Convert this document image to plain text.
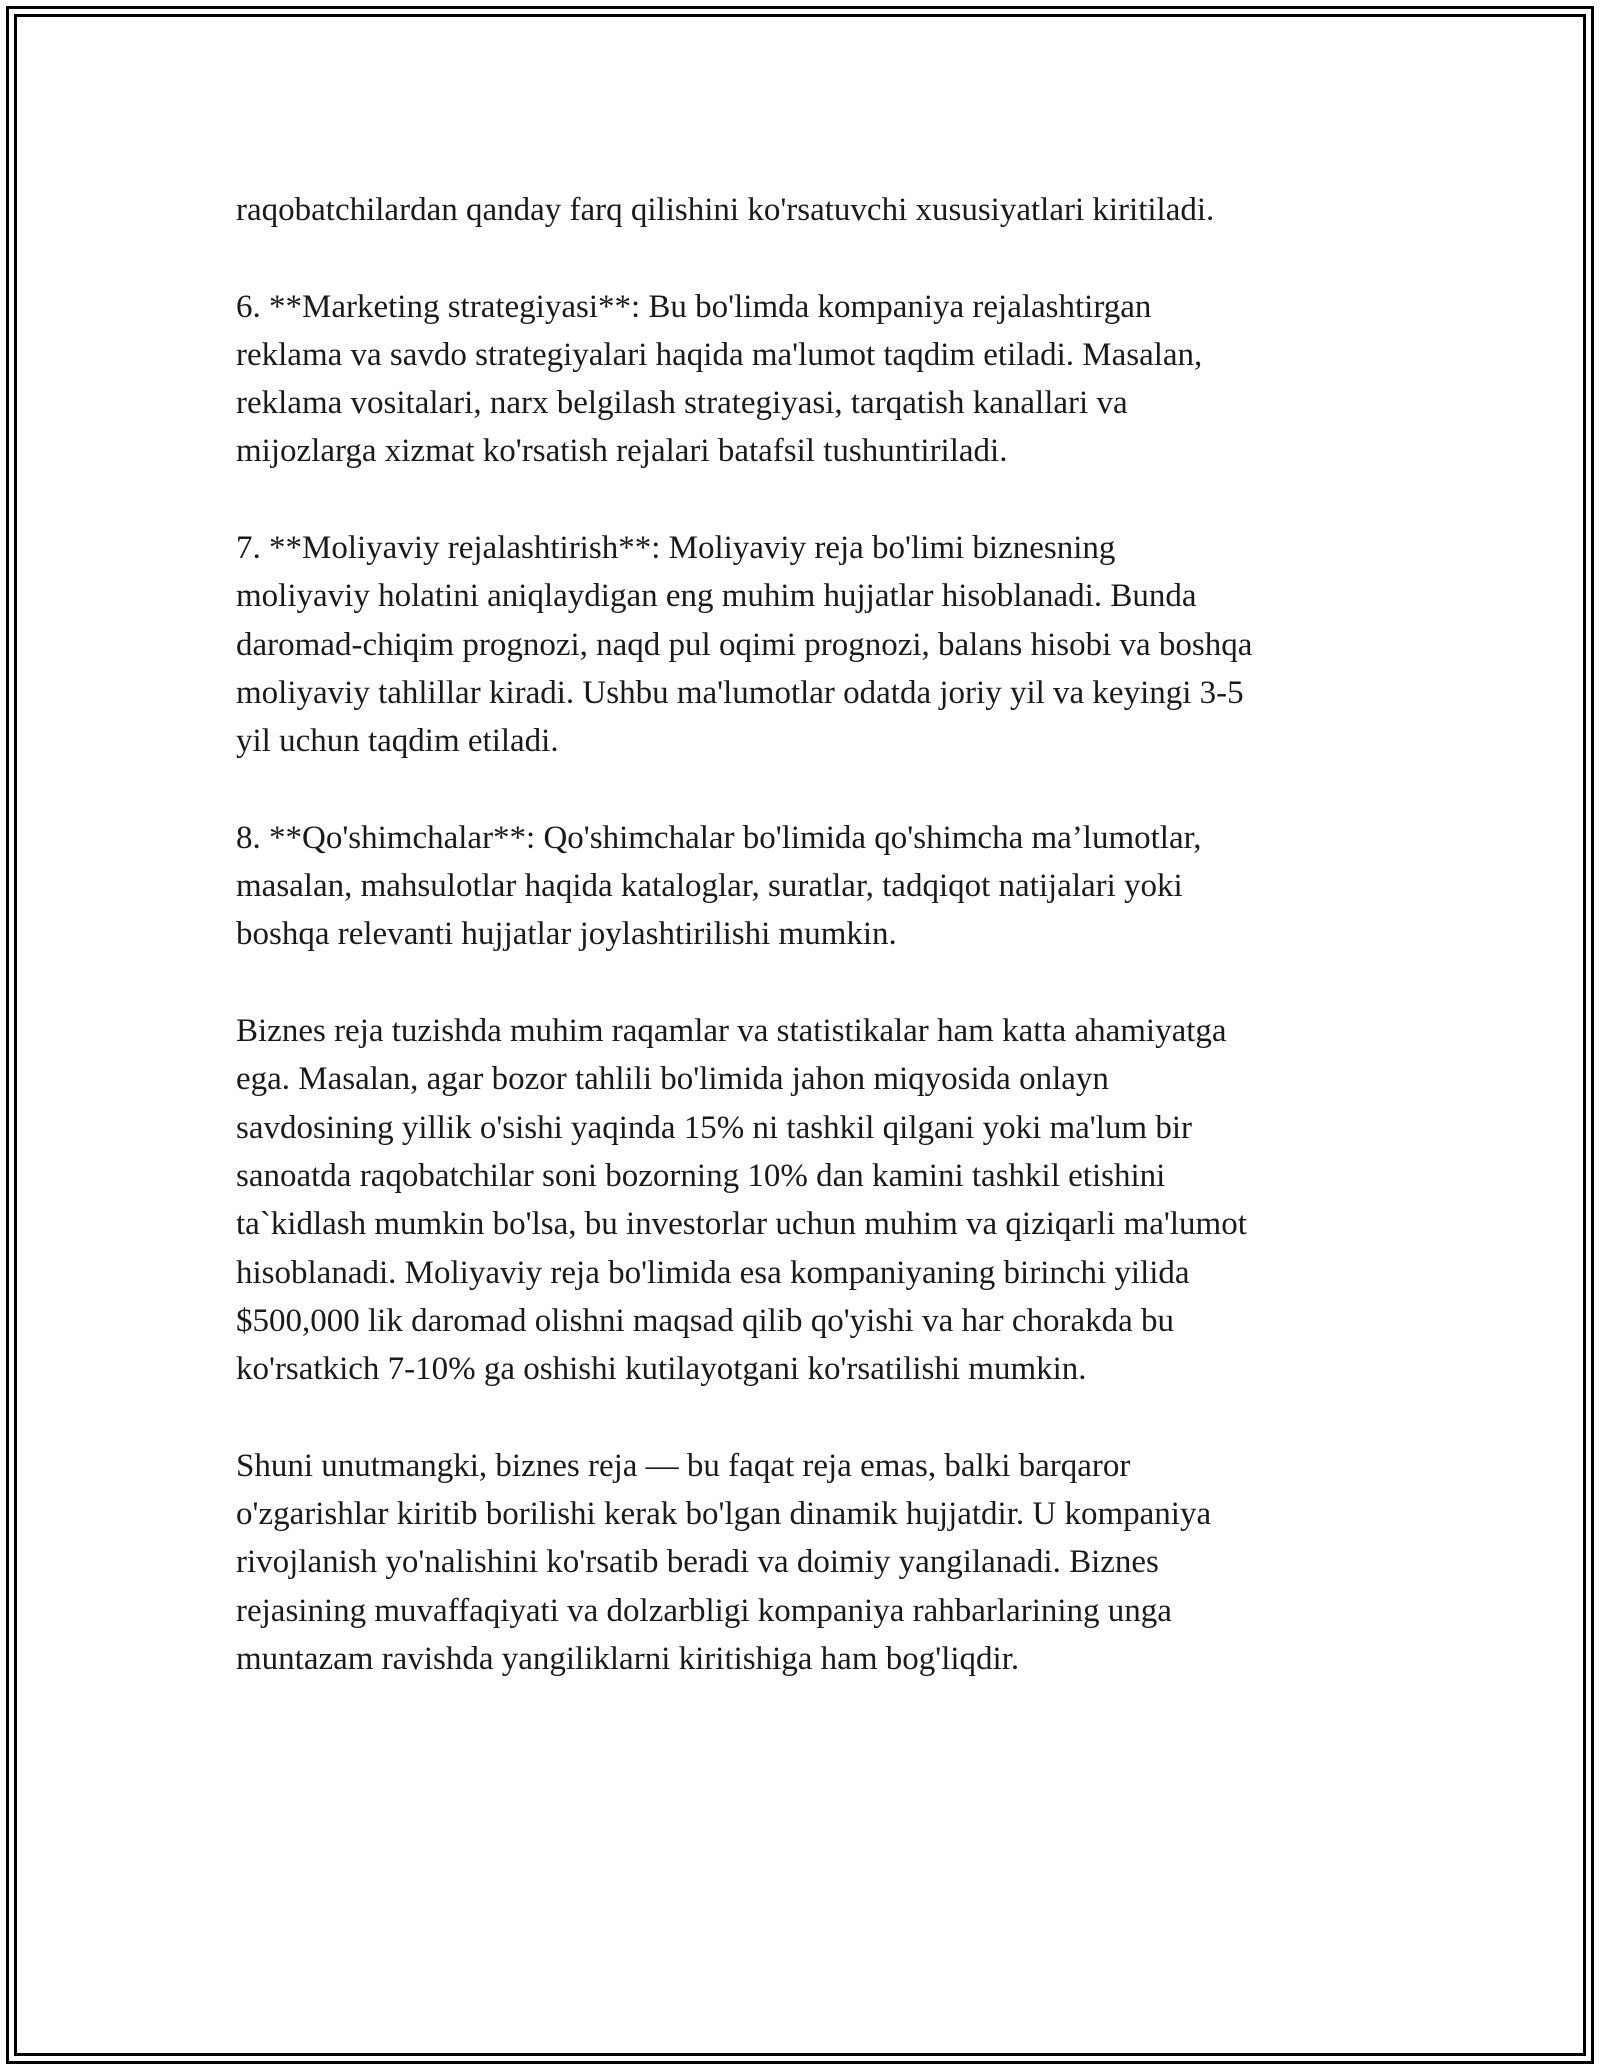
raqobatchilardan qanday farq qilishini ko'rsatuvchi xususiyatlari kiritiladi.

6. **Marketing strategiyasi**: Bu bo'limda kompaniya rejalashtirgan
reklama va savdo strategiyalari haqida ma'lumot taqdim etiladi. Masalan,
reklama vositalari, narx belgilash strategiyasi, tarqatish kanallari va
mijozlarga xizmat ko'rsatish rejalari batafsil tushuntiriladi.

7. **Moliyaviy rejalashtirish**: Moliyaviy reja bo'limi biznesning
moliyaviy holatini aniqlaydigan eng muhim hujjatlar hisoblanadi. Bunda
daromad-chiqim prognozi, naqd pul oqimi prognozi, balans hisobi va boshqa
moliyaviy tahlillar kiradi. Ushbu ma'lumotlar odatda joriy yil va keyingi 3-5
yil uchun taqdim etiladi.

8. **Qo'shimchalar**: Qo'shimchalar bo'limida qo'shimcha ma’lumotlar,
masalan, mahsulotlar haqida kataloglar, suratlar, tadqiqot natijalari yoki
boshqa relevanti hujjatlar joylashtirilishi mumkin.

Biznes reja tuzishda muhim raqamlar va statistikalar ham katta ahamiyatga
ega. Masalan, agar bozor tahlili bo'limida jahon miqyosida onlayn
savdosining yillik o'sishi yaqinda 15% ni tashkil qilgani yoki ma'lum bir
sanoatda raqobatchilar soni bozorning 10% dan kamini tashkil etishini
ta`kidlash mumkin bo'lsa, bu investorlar uchun muhim va qiziqarli ma'lumot
hisoblanadi. Moliyaviy reja bo'limida esa kompaniyaning birinchi yilida
$500,000 lik daromad olishni maqsad qilib qo'yishi va har chorakda bu
ko'rsatkich 7-10% ga oshishi kutilayotgani ko'rsatilishi mumkin.

Shuni unutmangki, biznes reja — bu faqat reja emas, balki barqaror
o'zgarishlar kiritib borilishi kerak bo'lgan dinamik hujjatdir. U kompaniya
rivojlanish yo'nalishini ko'rsatib beradi va doimiy yangilanadi. Biznes
rejasining muvaffaqiyati va dolzarbligi kompaniya rahbarlarining unga
muntazam ravishda yangiliklarni kiritishiga ham bog'liqdir.
